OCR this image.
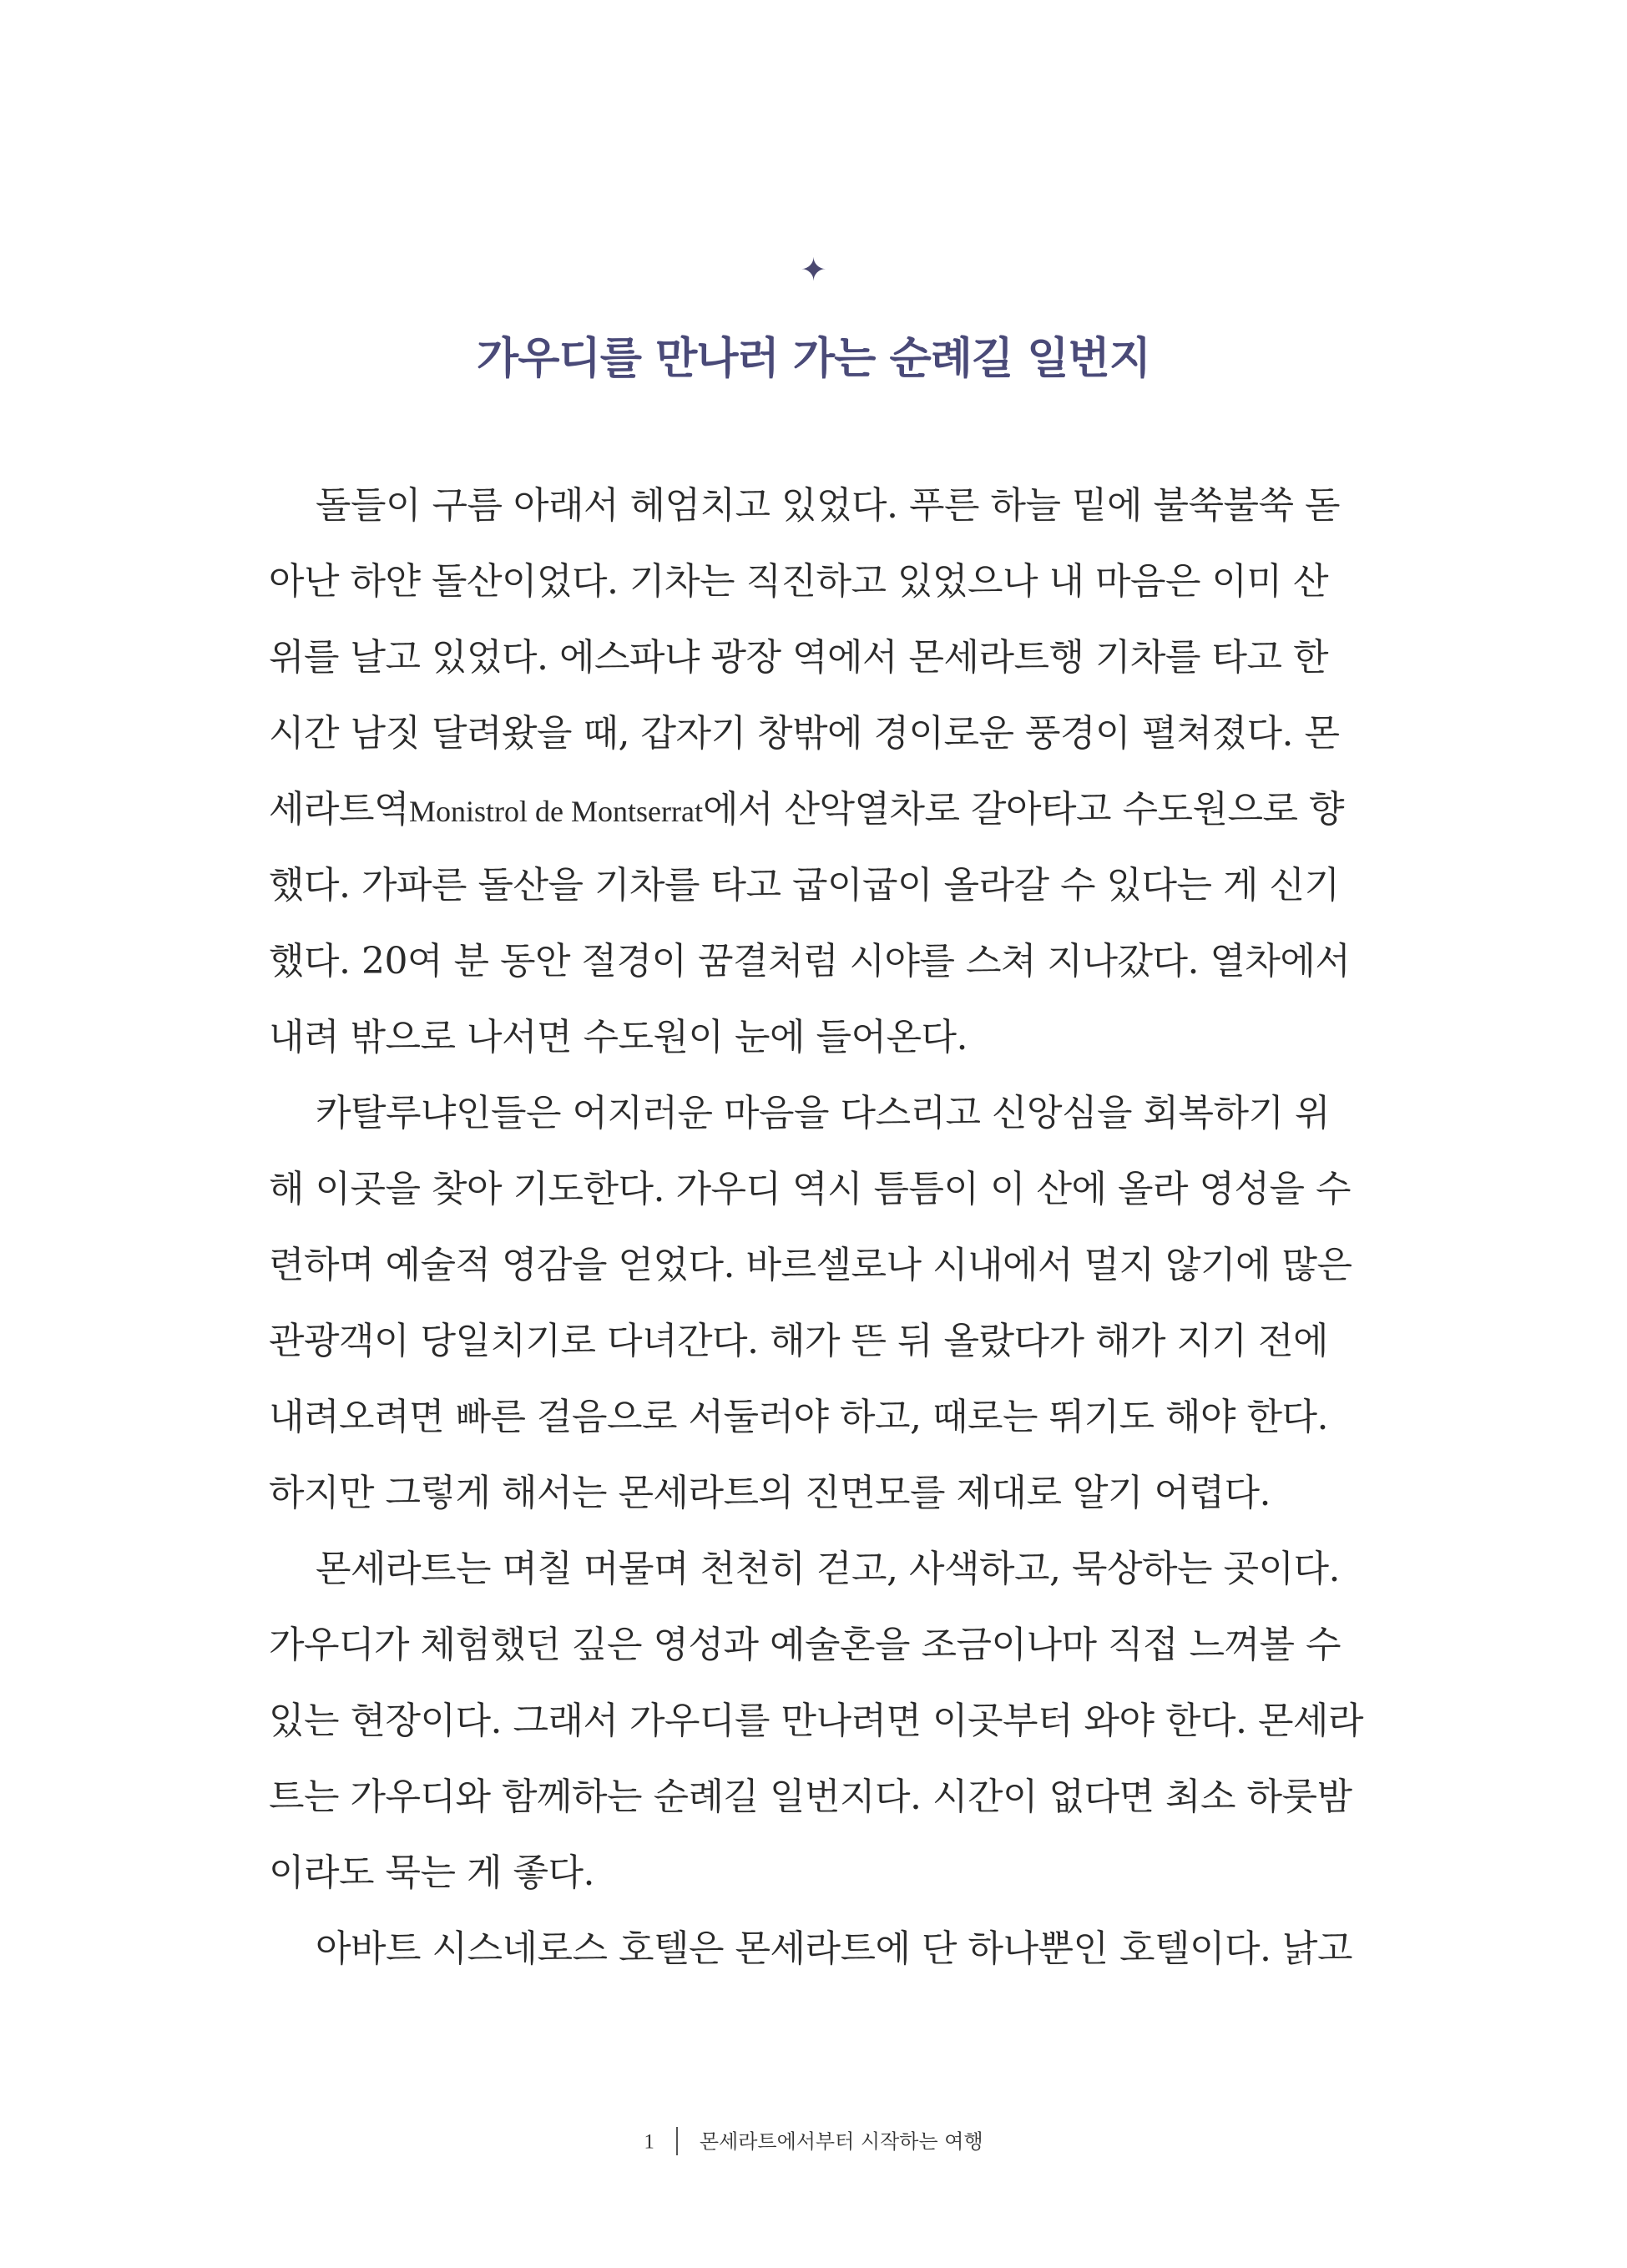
✦
가우디를 만나러 가는 순례길 일번지
돌들이 구름 아래서 헤엄치고 있었다. 푸른 하늘 밑에 불쑥불쑥 돋
아난 하얀 돌산이었다. 기차는 직진하고 있었으나 내 마음은 이미 산
위를 날고 있었다. 에스파냐 광장 역에서 몬세라트행 기차를 타고 한
시간 남짓 달려왔을 때, 갑자기 창밖에 경이로운 풍경이 펼쳐졌다. 몬
세라트역Monistrol de Montserrat에서 산악열차로 갈아타고 수도원으로 향
했다. 가파른 돌산을 기차를 타고 굽이굽이 올라갈 수 있다는 게 신기
했다. 20여 분 동안 절경이 꿈결처럼 시야를 스쳐 지나갔다. 열차에서
내려 밖으로 나서면 수도원이 눈에 들어온다.
카탈루냐인들은 어지러운 마음을 다스리고 신앙심을 회복하기 위
해 이곳을 찾아 기도한다. 가우디 역시 틈틈이 이 산에 올라 영성을 수
련하며 예술적 영감을 얻었다. 바르셀로나 시내에서 멀지 않기에 많은
관광객이 당일치기로 다녀간다. 해가 뜬 뒤 올랐다가 해가 지기 전에
내려오려면 빠른 걸음으로 서둘러야 하고, 때로는 뛰기도 해야 한다.
하지만 그렇게 해서는 몬세라트의 진면모를 제대로 알기 어렵다.
몬세라트는 며칠 머물며 천천히 걷고, 사색하고, 묵상하는 곳이다.
가우디가 체험했던 깊은 영성과 예술혼을 조금이나마 직접 느껴볼 수
있는 현장이다. 그래서 가우디를 만나려면 이곳부터 와야 한다. 몬세라
트는 가우디와 함께하는 순례길 일번지다. 시간이 없다면 최소 하룻밤
이라도 묵는 게 좋다.
아바트 시스네로스 호텔은 몬세라트에 단 하나뿐인 호텔이다. 낡고
1 몬세라트에서부터 시작하는 여행
